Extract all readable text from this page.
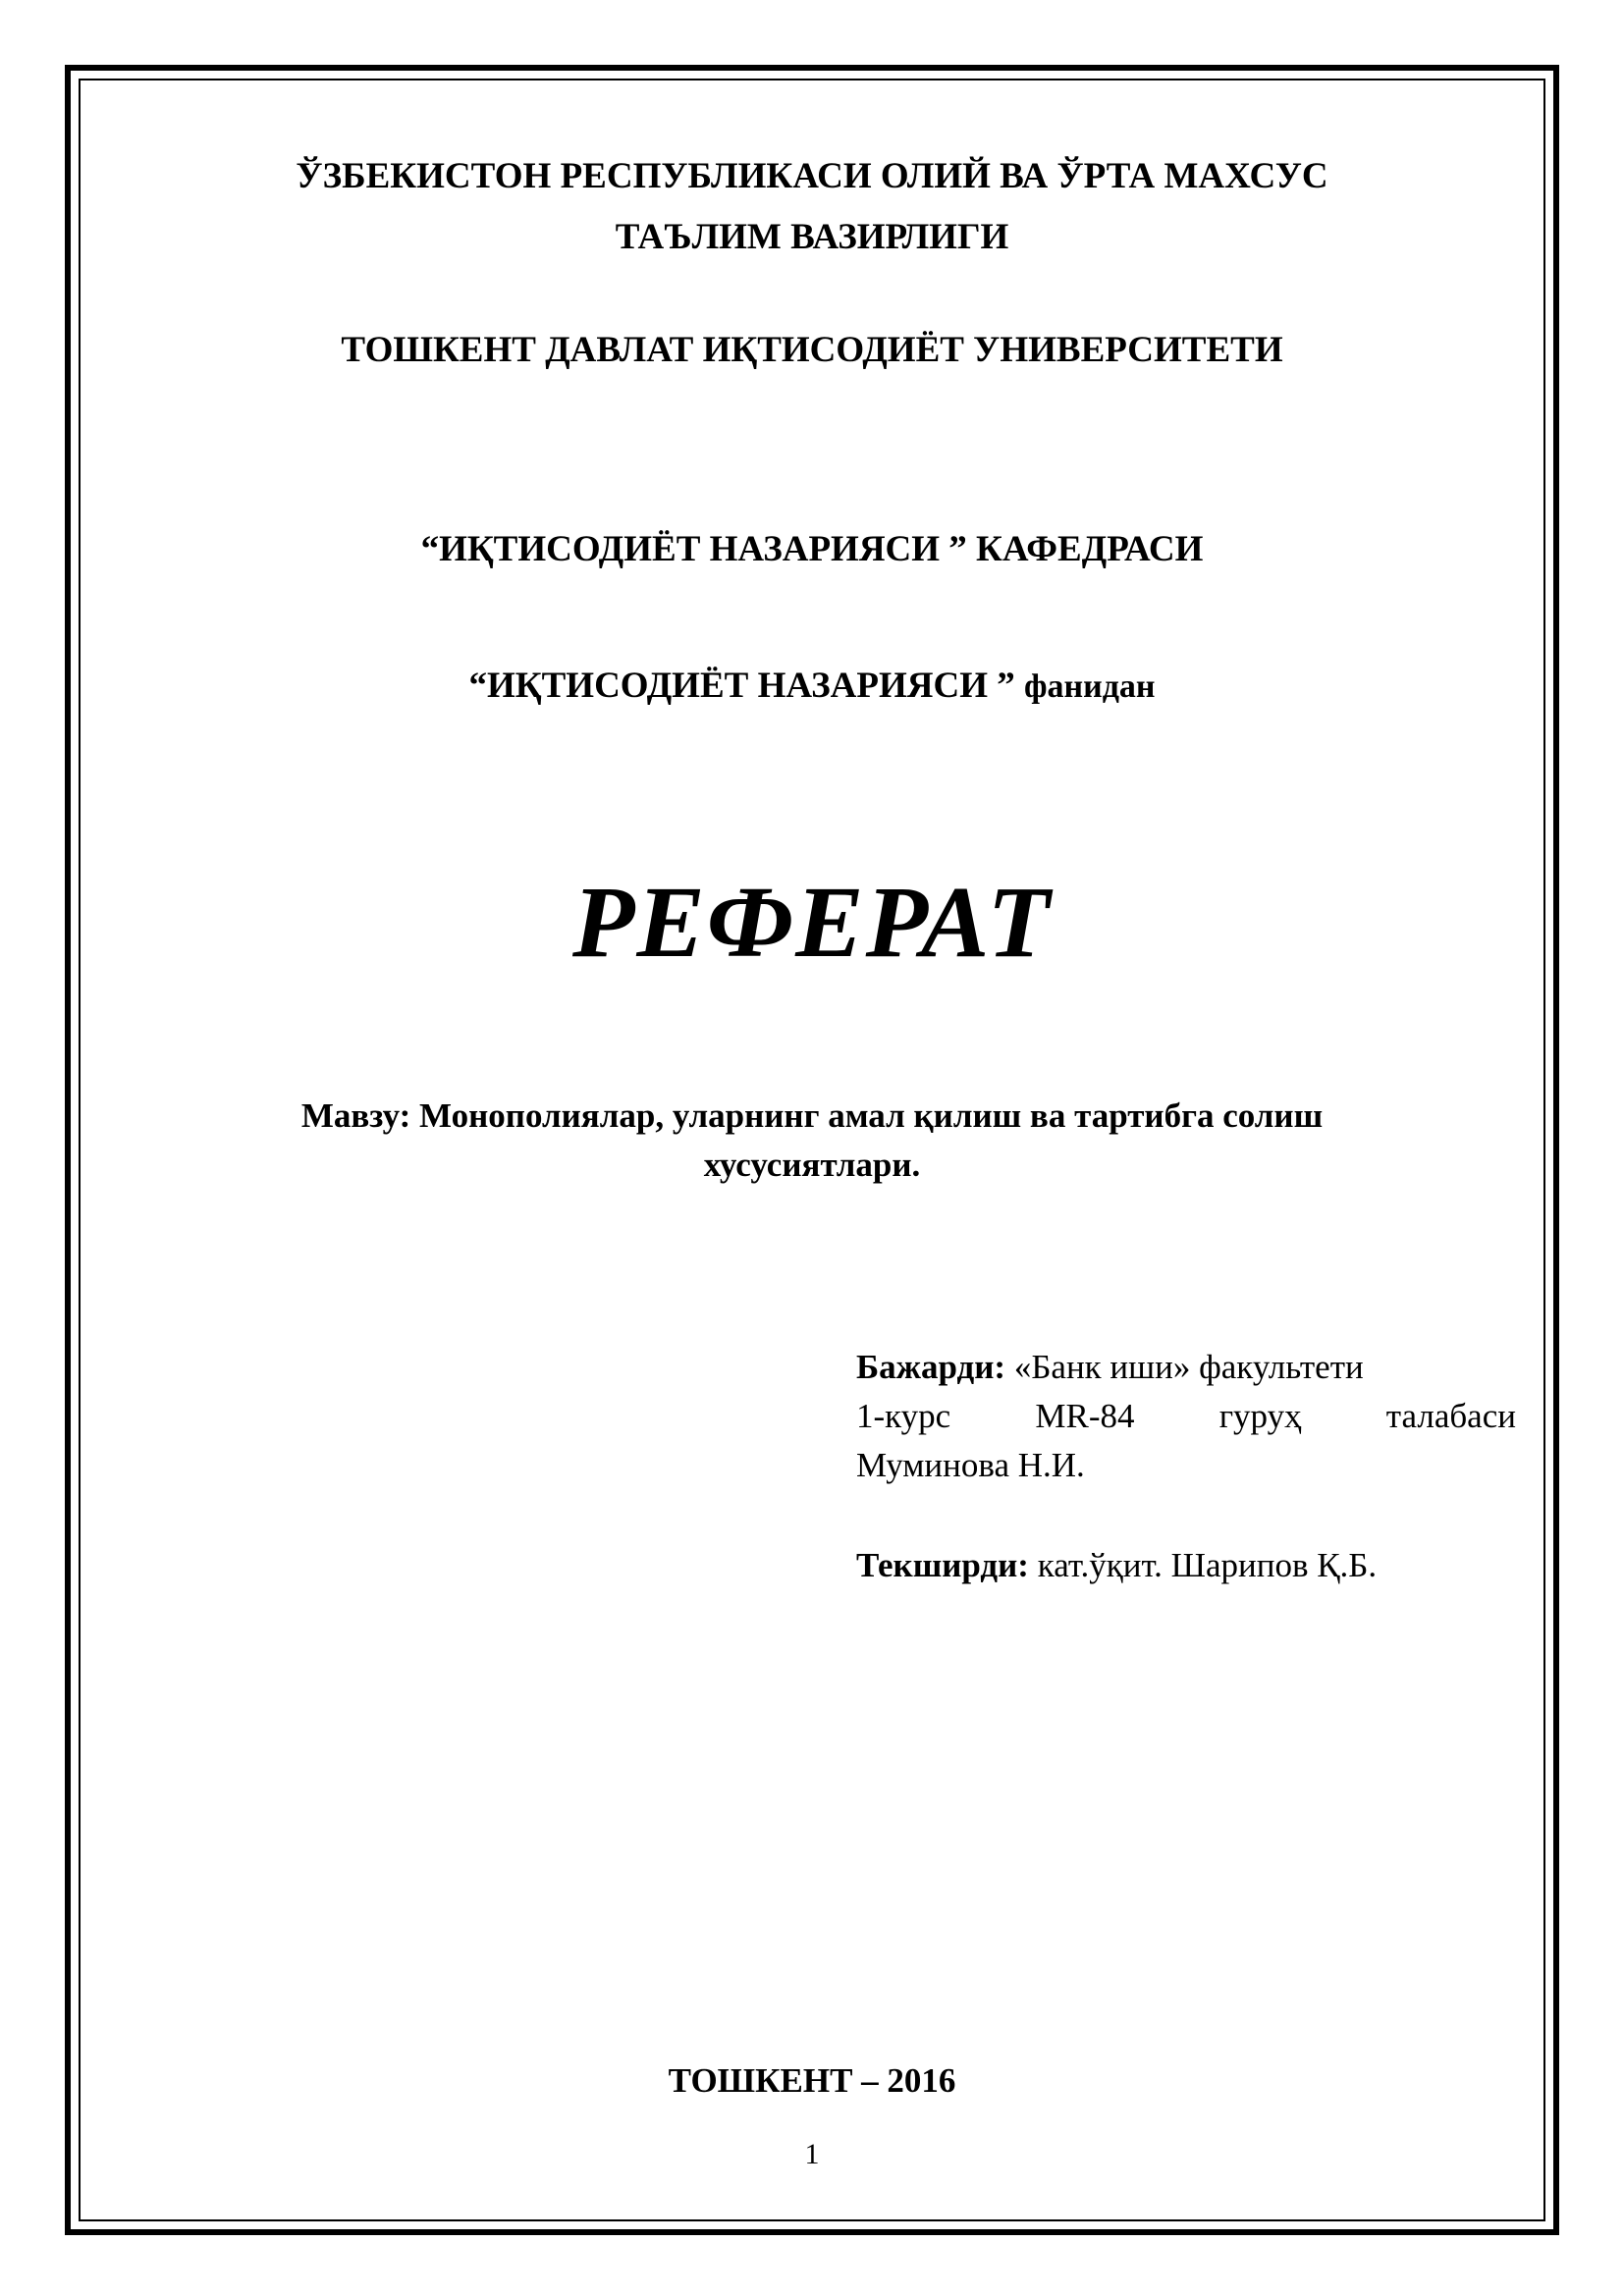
ЎЗБЕКИСТОН РЕСПУБЛИКАСИ ОЛИЙ ВА ЎРТА МАХСУС
ТАЪЛИМ ВАЗИРЛИГИ
ТОШКЕНТ ДАВЛАТ ИҚТИСОДИЁТ УНИВЕРСИТЕТИ
“ИҚТИСОДИЁТ НАЗАРИЯСИ ” КАФЕДРАСИ
“ИҚТИСОДИЁТ НАЗАРИЯСИ ” фанидан
РЕФЕРАТ
Мавзу: Монополиялар, уларнинг амал қилиш ва тартибга солиш
хусусиятлари.
Бажарди: «Банк иши» факультети
1-курс MR-84 гуруҳ талабаси
Муминова Н.И.
Текширди: кат.ўқит. Шарипов Қ.Б.
ТОШКЕНТ – 2016
1
